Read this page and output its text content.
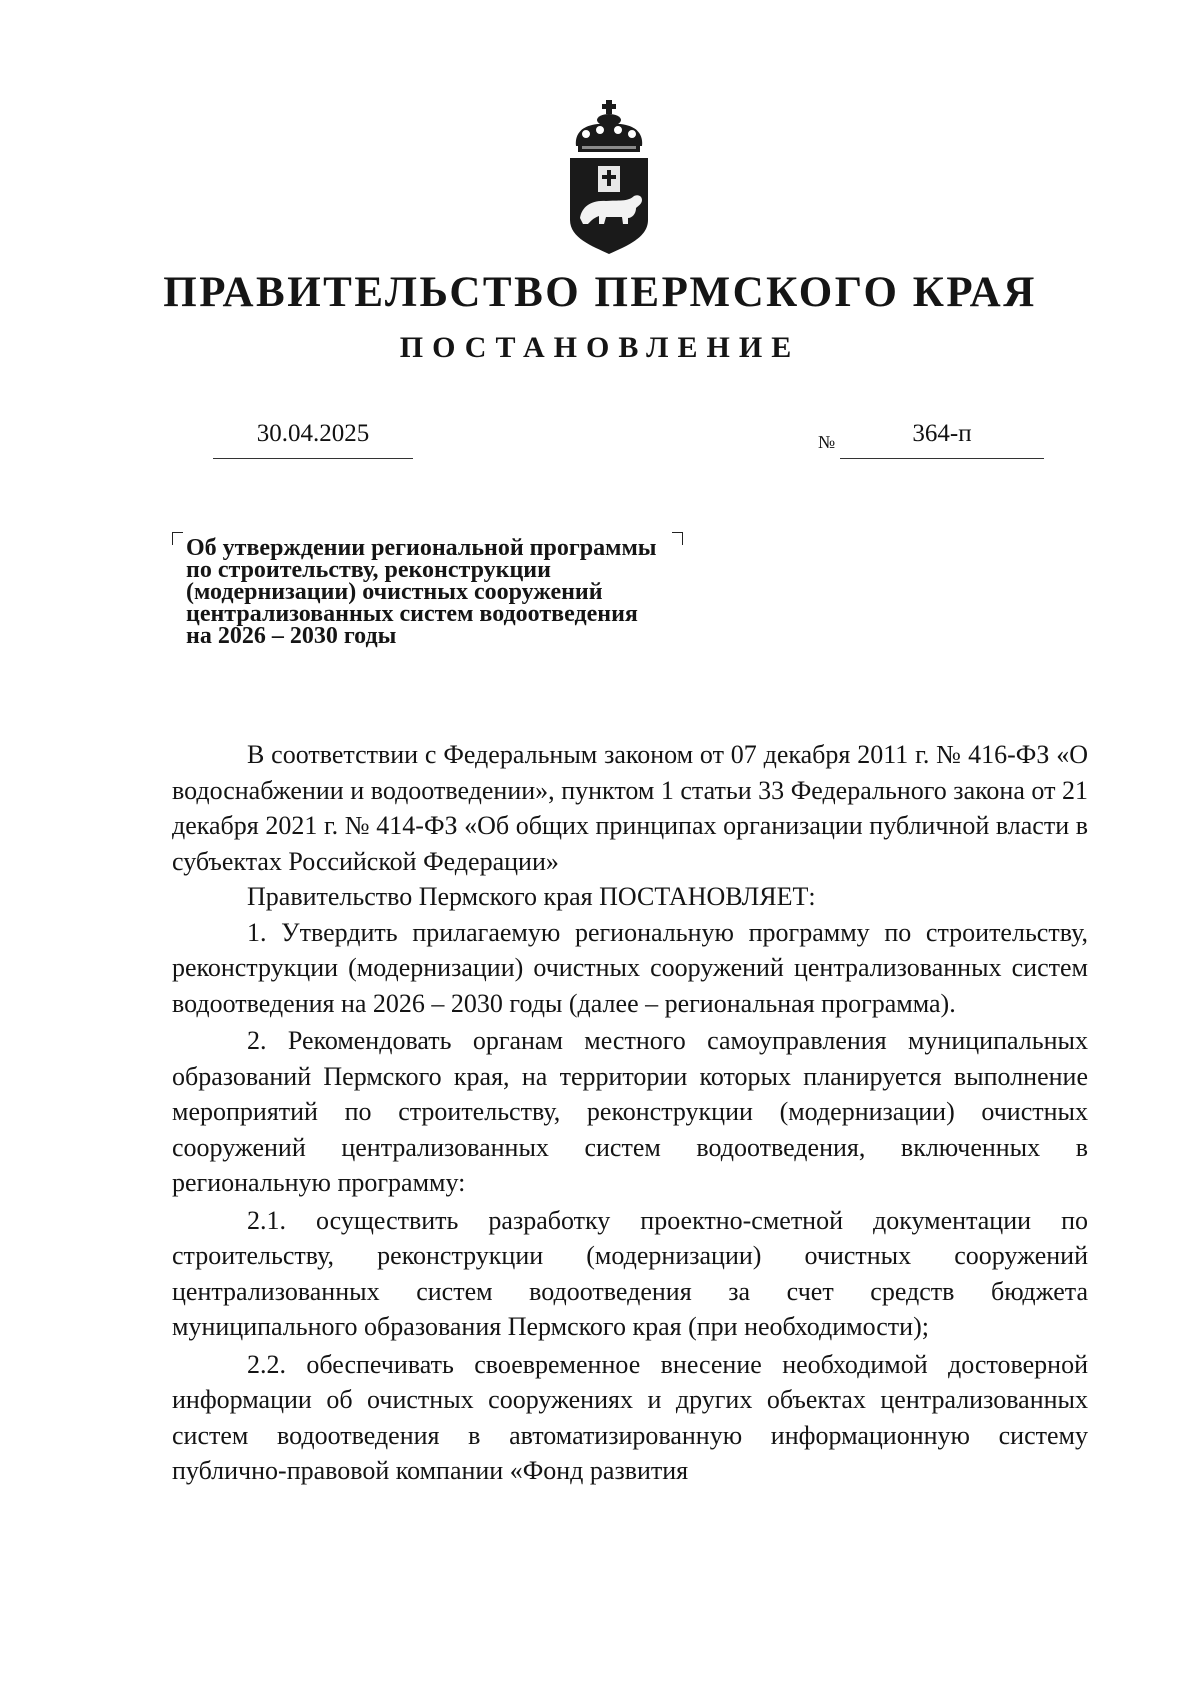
ПРАВИТЕЛЬСТВО ПЕРМСКОГО КРАЯ
ПОСТАНОВЛЕНИЕ
30.04.2025	№	364-п
Об утверждении региональной программы
по строительству, реконструкции
(модернизации) очистных сооружений
централизованных систем водоотведения
на 2026 – 2030 годы

В соответствии с Федеральным законом от 07 декабря 2011 г. № 416-ФЗ «О водоснабжении и водоотведении», пунктом 1 статьи 33 Федерального закона от 21 декабря 2021 г. № 414-ФЗ «Об общих принципах организации публичной власти в субъектах Российской Федерации»

Правительство Пермского края ПОСТАНОВЛЯЕТ:

1. Утвердить прилагаемую региональную программу по строительству, реконструкции (модернизации) очистных сооружений централизованных систем водоотведения на 2026 – 2030 годы (далее – региональная программа).

2. Рекомендовать органам местного самоуправления муниципальных образований Пермского края, на территории которых планируется выполнение мероприятий по строительству, реконструкции (модернизации) очистных сооружений централизованных систем водоотведения, включенных в региональную программу:

2.1. осуществить разработку проектно-сметной документации по строительству, реконструкции (модернизации) очистных сооружений централизованных систем водоотведения за счет средств бюджета муниципального образования Пермского края (при необходимости);

2.2. обеспечивать своевременное внесение необходимой достоверной информации об очистных сооружениях и других объектах централизованных систем водоотведения в автоматизированную информационную систему публично-правовой компании «Фонд развития
